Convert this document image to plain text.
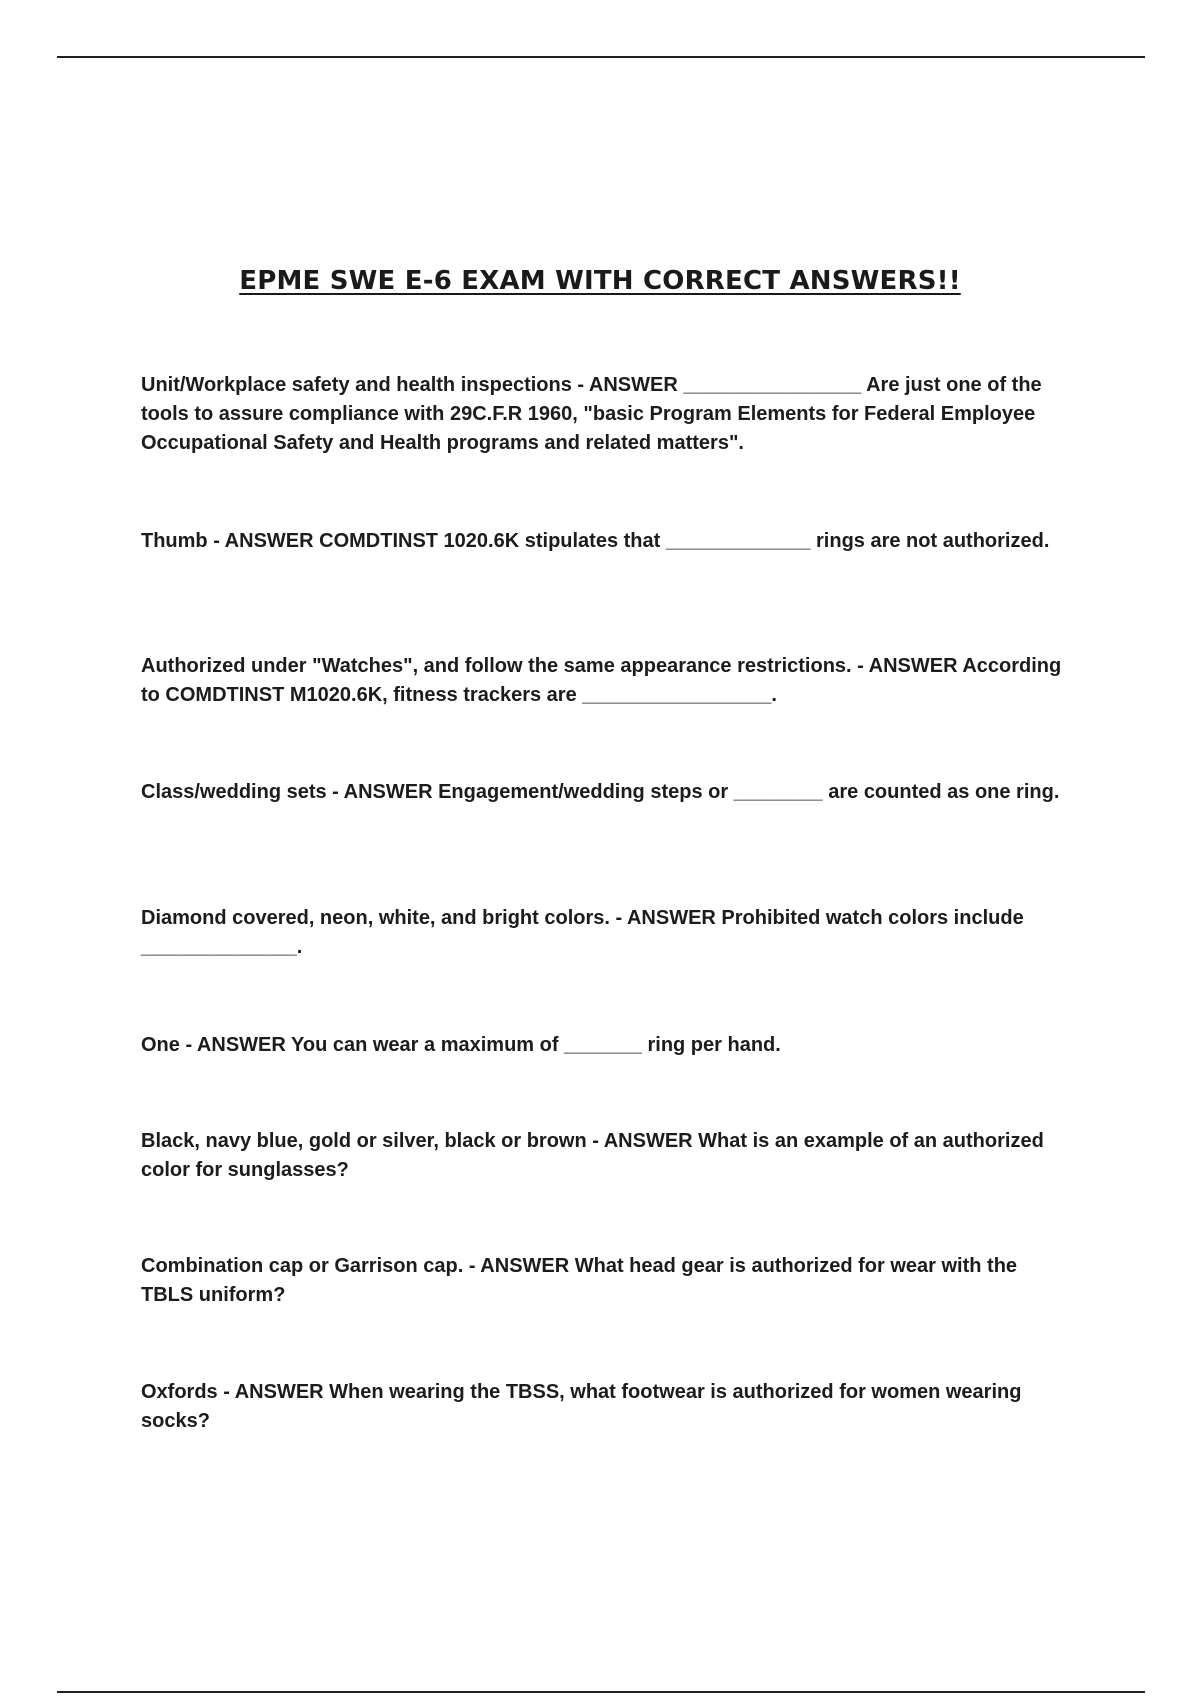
EPME SWE E-6 EXAM WITH CORRECT ANSWERS!!

Unit/Workplace safety and health inspections - ANSWER ________________ Are just one of the tools to assure compliance with 29C.F.R 1960, "basic Program Elements for Federal Employee Occupational Safety and Health programs and related matters".

Thumb - ANSWER COMDTINST 1020.6K stipulates that _____________ rings are not authorized.

Authorized under "Watches", and follow the same appearance restrictions. - ANSWER According to COMDTINST M1020.6K, fitness trackers are _________________.

Class/wedding sets - ANSWER Engagement/wedding steps or ________ are counted as one ring.

Diamond covered, neon, white, and bright colors. - ANSWER Prohibited watch colors include ______________.

One - ANSWER You can wear a maximum of _______ ring per hand.

Black, navy blue, gold or silver, black or brown - ANSWER What is an example of an authorized color for sunglasses?

Combination cap or Garrison cap. - ANSWER What head gear is authorized for wear with the TBLS uniform?

Oxfords - ANSWER When wearing the TBSS, what footwear is authorized for women wearing socks?
